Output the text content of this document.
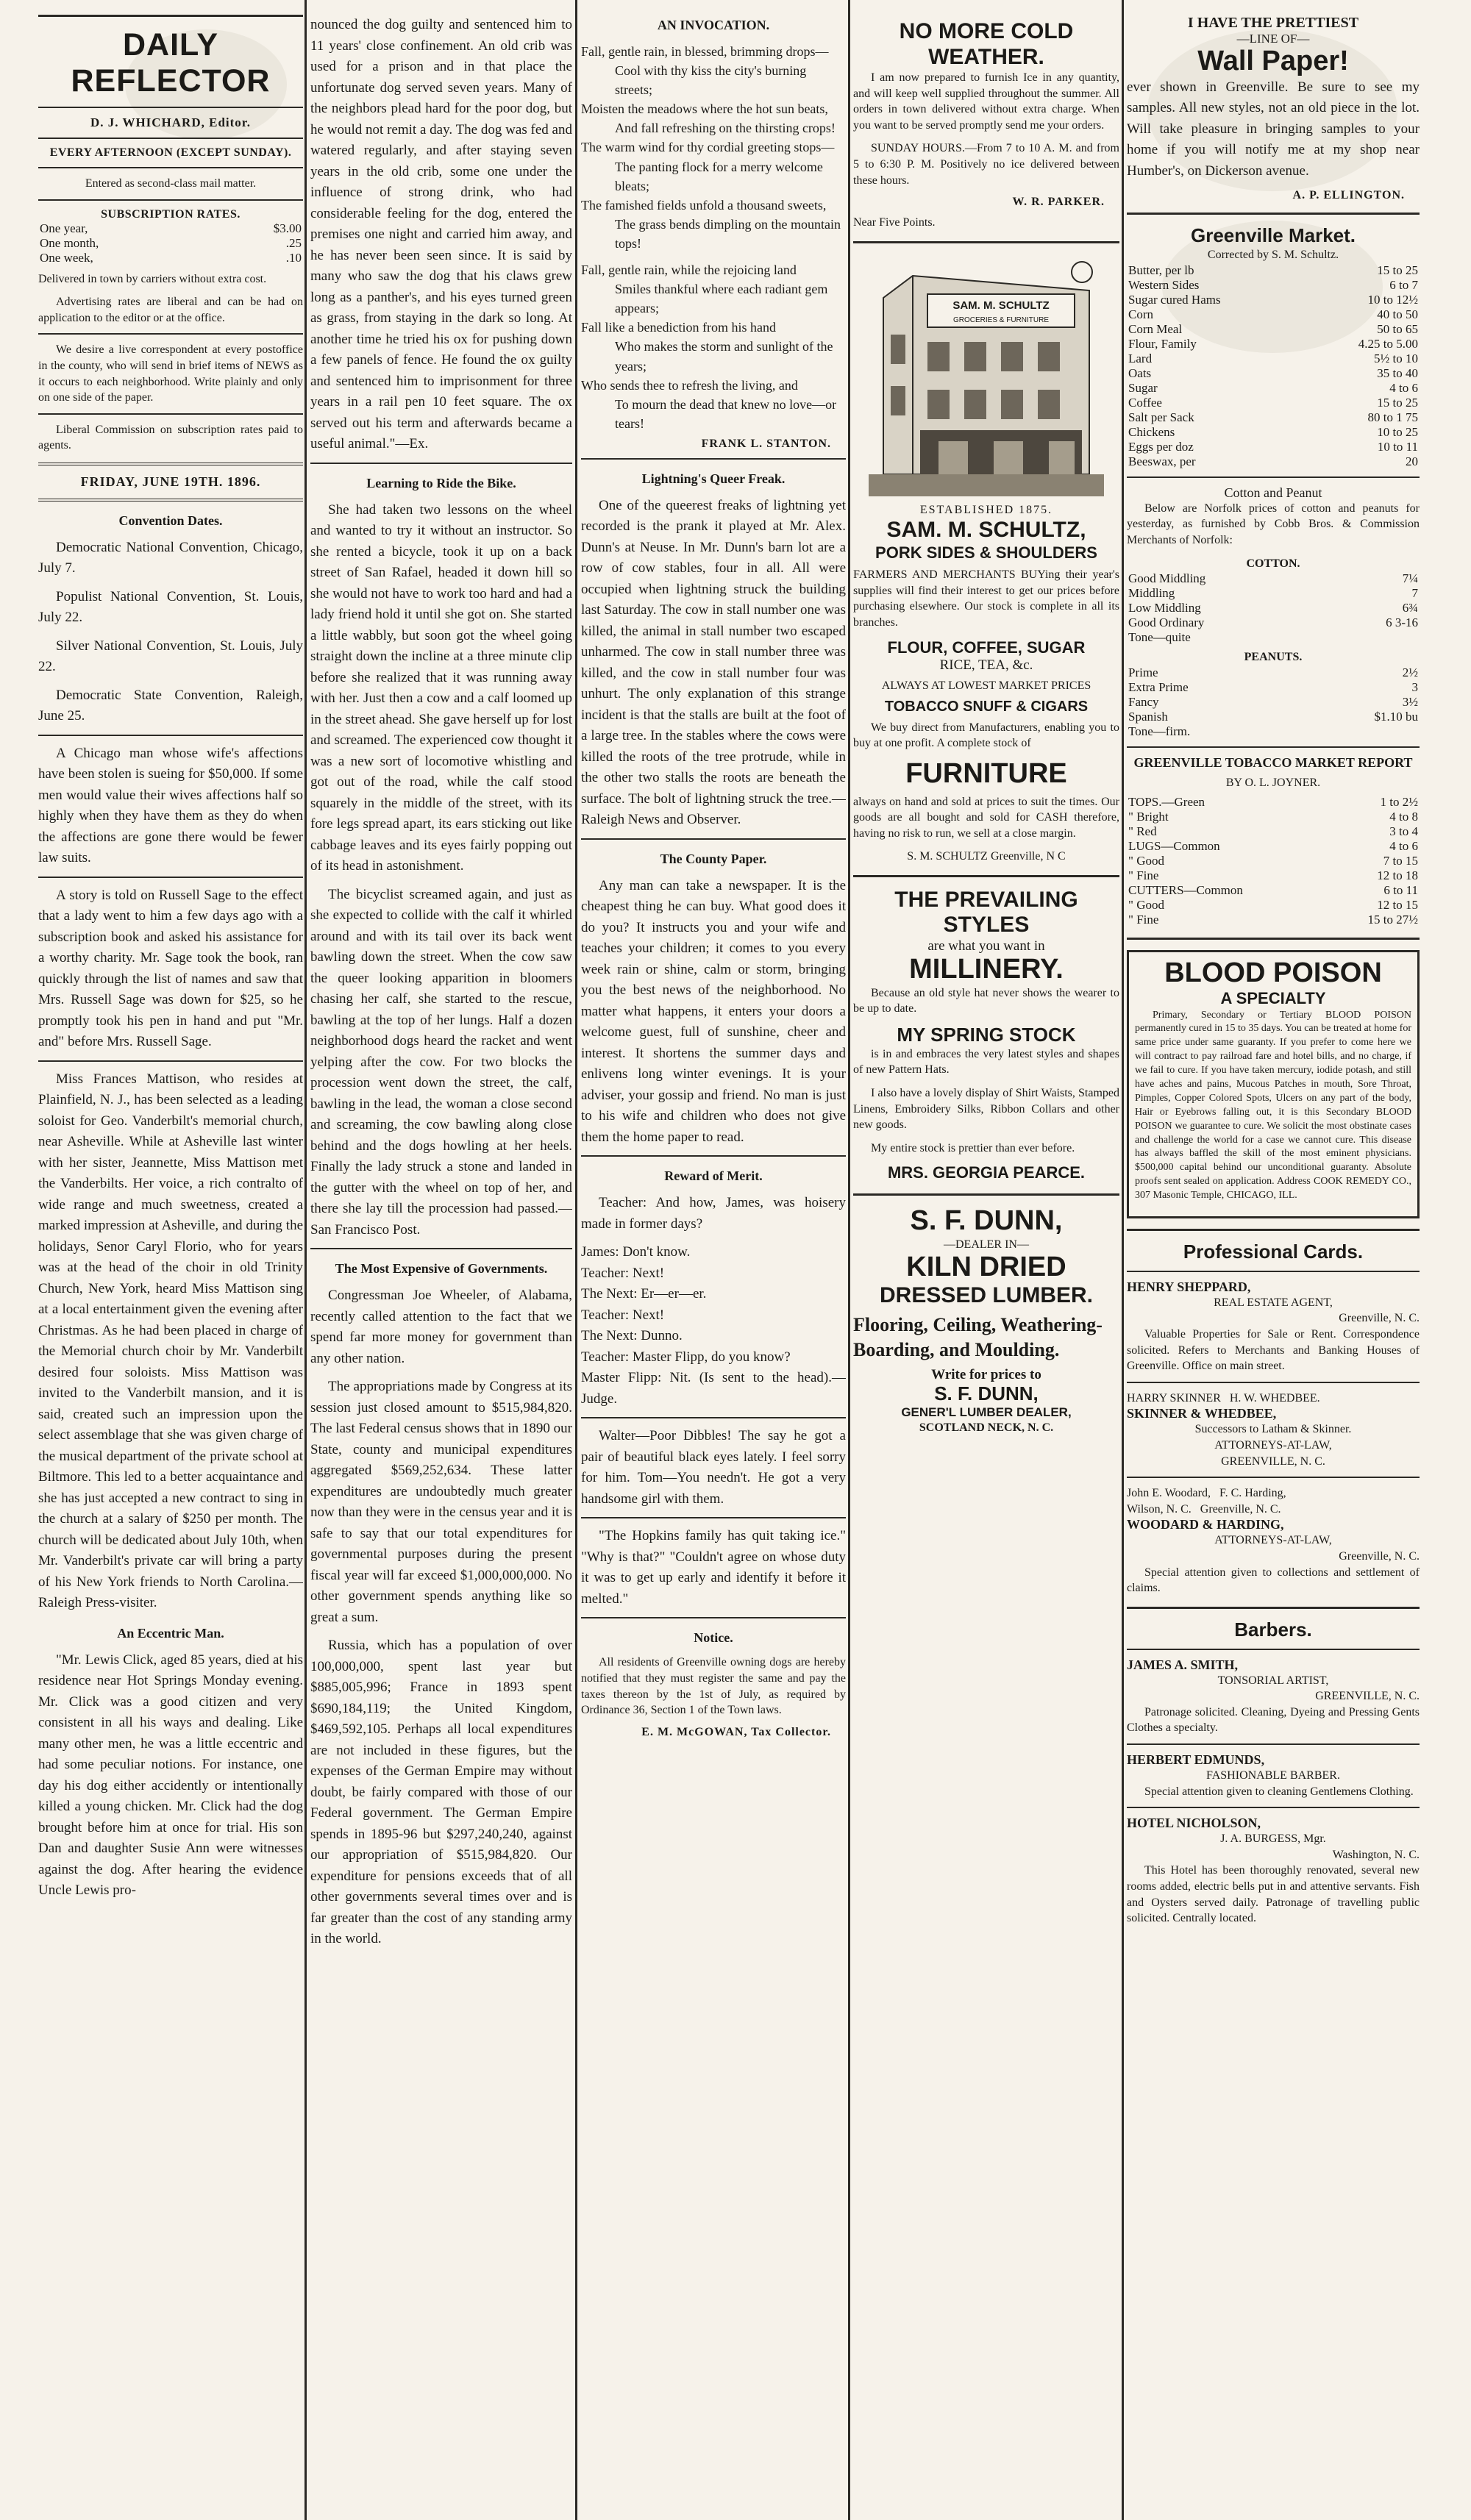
DAILY REFLECTOR
D. J. WHICHARD, Editor.
EVERY AFTERNOON (EXCEPT SUNDAY).

Entered as second-class mail matter.

SUBSCRIPTION RATES.
One year,	$3.00
One month,	.25
One week,	.10

Delivered in town by carriers without extra cost.

Advertising rates are liberal and can be had on application to the editor or at the office.

We desire a live correspondent at every postoffice in the county, who will send in brief items of NEWS as it occurs to each neighborhood. Write plainly and only on one side of the paper.

Liberal Commission on subscription rates paid to agents.

FRIDAY, JUNE 19TH. 1896.
Convention Dates.

Democratic National Convention, Chicago, July 7.

Populist National Convention, St. Louis, July 22.

Silver National Convention, St. Louis, July 22.

Democratic State Convention, Raleigh, June 25.

A Chicago man whose wife's affections have been stolen is sueing for $50,000. If some men would value their wives affections half so highly when they have them as they do when the affections are gone there would be fewer law suits.

A story is told on Russell Sage to the effect that a lady went to him a few days ago with a subscription book and asked his assistance for a worthy charity. Mr. Sage took the book, ran quickly through the list of names and saw that Mrs. Russell Sage was down for $25, so he promptly took his pen in hand and put "Mr. and" before Mrs. Russell Sage.

Miss Frances Mattison, who resides at Plainfield, N. J., has been selected as a leading soloist for Geo. Vanderbilt's memorial church, near Asheville. While at Asheville last winter with her sister, Jeannette, Miss Mattison met the Vanderbilts. Her voice, a rich contralto of wide range and much sweetness, created a marked impression at Asheville, and during the holidays, Senor Caryl Florio, who for years was at the head of the choir in old Trinity Church, New York, heard Miss Mattison sing at a local entertainment given the evening after Christmas. As he had been placed in charge of the Memorial church choir by Mr. Vanderbilt desired four soloists. Miss Mattison was invited to the Vanderbilt mansion, and it is said, created such an impression upon the select assemblage that she was given charge of the musical department of the private school at Biltmore. This led to a better acquaintance and she has just accepted a new contract to sing in the church at a salary of $250 per month. The church will be dedicated about July 10th, when Mr. Vanderbilt's private car will bring a party of his New York friends to North Carolina.—Raleigh Press-visiter.

An Eccentric Man.

"Mr. Lewis Click, aged 85 years, died at his residence near Hot Springs Monday evening. Mr. Click was a good citizen and very consistent in all his ways and dealing. Like many other men, he was a little eccentric and had some peculiar notions. For instance, one day his dog either accidently or intentionally killed a young chicken. Mr. Click had the dog brought before him at once for trial. His son Dan and daughter Susie Ann were witnesses against the dog. After hearing the evidence Uncle Lewis pro-

nounced the dog guilty and sentenced him to 11 years' close confinement. An old crib was used for a prison and in that place the unfortunate dog served seven years. Many of the neighbors plead hard for the poor dog, but he would not remit a day. The dog was fed and watered regularly, and after staying seven years in the old crib, some one under the influence of strong drink, who had considerable feeling for the dog, entered the premises one night and carried him away, and he has never been seen since. It is said by many who saw the dog that his claws grew long as a panther's, and his eyes turned green as grass, from staying in the dark so long. At another time he tried his ox for pushing down a few panels of fence. He found the ox guilty and sentenced him to imprisonment for three years in a rail pen 10 feet square. The ox served out his term and afterwards became a useful animal."—Ex.

Learning to Ride the Bike.

She had taken two lessons on the wheel and wanted to try it without an instructor. So she rented a bicycle, took it up on a back street of San Rafael, headed it down hill so she would not have to work too hard and had a lady friend hold it until she got on. She started a little wabbly, but soon got the wheel going straight down the incline at a three minute clip before she realized that it was running away with her. Just then a cow and a calf loomed up in the street ahead. She gave herself up for lost and screamed. The experienced cow thought it was a new sort of locomotive whistling and got out of the road, while the calf stood squarely in the middle of the street, with its fore legs spread apart, its ears sticking out like cabbage leaves and its eyes fairly popping out of its head in astonishment.

The bicyclist screamed again, and just as she expected to collide with the calf it whirled around and with its tail over its back went bawling down the street. When the cow saw the queer looking apparition in bloomers chasing her calf, she started to the rescue, bawling at the top of her lungs. Half a dozen neighborhood dogs heard the racket and went yelping after the cow. For two blocks the procession went down the street, the calf, bawling in the lead, the woman a close second and screaming, the cow bawling along close behind and the dogs howling at her heels. Finally the lady struck a stone and landed in the gutter with the wheel on top of her, and there she lay till the procession had passed.—San Francisco Post.

The Most Expensive of Governments.

Congressman Joe Wheeler, of Alabama, recently called attention to the fact that we spend far more money for government than any other nation.

The appropriations made by Congress at its session just closed amount to $515,984,820. The last Federal census shows that in 1890 our State, county and municipal expenditures aggregated $569,252,634. These latter expenditures are undoubtedly much greater now than they were in the census year and it is safe to say that our total expenditures for governmental purposes during the present fiscal year will far exceed $1,000,000,000. No other government spends anything like so great a sum.

Russia, which has a population of over 100,000,000, spent last year but $885,005,996; France in 1893 spent $690,184,119; the United Kingdom, $469,592,105. Perhaps all local expenditures are not included in these figures, but the expenses of the German Empire may without doubt, be fairly compared with those of our Federal government. The German Empire spends in 1895-96 but $297,240,240, against our appropriation of $515,984,820. Our expenditure for pensions exceeds that of all other governments several times over and is far greater than the cost of any standing army in the world.

AN INVOCATION.
Fall, gentle rain, in blessed, brimming drops—
Cool with thy kiss the city's burning streets;
Moisten the meadows where the hot sun beats,
And fall refreshing on the thirsting crops!
The warm wind for thy cordial greeting stops—
The panting flock for a merry welcome bleats;
The famished fields unfold a thousand sweets,
The grass bends dimpling on the mountain tops!
Fall, gentle rain, while the rejoicing land
Smiles thankful where each radiant gem appears;
Fall like a benediction from his hand
Who makes the storm and sunlight of the years;
Who sends thee to refresh the living, and
To mourn the dead that knew no love—or tears!
FRANK L. STANTON.
Lightning's Queer Freak.

One of the queerest freaks of lightning yet recorded is the prank it played at Mr. Alex. Dunn's at Neuse. In Mr. Dunn's barn lot are a row of cow stables, four in all. All were occupied when lightning struck the building last Saturday. The cow in stall number one was killed, the animal in stall number two escaped unharmed. The cow in stall number three was killed, and the cow in stall number four was unhurt. The only explanation of this strange incident is that the stalls are built at the foot of a large tree. In the stables where the cows were killed the roots of the tree protrude, while in the other two stalls the roots are beneath the surface. The bolt of lightning struck the tree.—Raleigh News and Observer.

The County Paper.

Any man can take a newspaper. It is the cheapest thing he can buy. What good does it do you? It instructs you and your wife and teaches your children; it comes to you every week rain or shine, calm or storm, bringing you the best news of the neighborhood. No matter what happens, it enters your doors a welcome guest, full of sunshine, cheer and interest. It shortens the summer days and enlivens long winter evenings. It is your adviser, your gossip and friend. No man is just to his wife and children who does not give them the home paper to read.

Reward of Merit.

Teacher: And how, James, was hoisery made in former days?

James: Don't know.

Teacher: Next!

The Next: Er—er—er.

Teacher: Next!

The Next: Dunno.

Teacher: Master Flipp, do you know?

Master Flipp: Nit. (Is sent to the head).—Judge.

Walter—Poor Dibbles! The say he got a pair of beautiful black eyes lately. I feel sorry for him. Tom—You needn't. He got a very handsome girl with them.

"The Hopkins family has quit taking ice." "Why is that?" "Couldn't agree on whose duty it was to get up early and identify it before it melted."

Notice.

All residents of Greenville owning dogs are hereby notified that they must register the same and pay the taxes thereon by the 1st of July, as required by Ordinance 36, Section 1 of the Town laws.

E. M. McGOWAN, Tax Collector.
NO MORE COLD WEATHER.

I am now prepared to furnish Ice in any quantity, and will keep well supplied throughout the summer. All orders in town delivered without extra charge. When you want to be served promptly send me your orders.

SUNDAY HOURS.—From 7 to 10 A. M. and from 5 to 6:30 P. M. Positively no ice delivered between these hours.

W. R. PARKER.

Near Five Points.

SAM. M. SCHULTZ
GROCERIES & FURNITURE
ESTABLISHED 1875.
SAM. M. SCHULTZ,
PORK SIDES & SHOULDERS

FARMERS AND MERCHANTS BUYing their year's supplies will find their interest to get our prices before purchasing elsewhere. Our stock is complete in all its branches.

FLOUR, COFFEE, SUGAR
RICE, TEA, &c.
ALWAYS AT LOWEST MARKET PRICES
TOBACCO SNUFF & CIGARS

We buy direct from Manufacturers, enabling you to buy at one profit. A complete stock of

FURNITURE

always on hand and sold at prices to suit the times. Our goods are all bought and sold for CASH therefore, having no risk to run, we sell at a close margin.

S. M. SCHULTZ Greenville, N C
THE PREVAILING STYLES
are what you want in
MILLINERY.

Because an old style hat never shows the wearer to be up to date.

MY SPRING STOCK

is in and embraces the very latest styles and shapes of new Pattern Hats.

I also have a lovely display of Shirt Waists, Stamped Linens, Embroidery Silks, Ribbon Collars and other new goods.

My entire stock is prettier than ever before.

MRS. GEORGIA PEARCE.
S. F. DUNN,
—DEALER IN—
KILN DRIED
DRESSED LUMBER.
Flooring, Ceiling, Weathering-Boarding, and Moulding.
Write for prices to
S. F. DUNN,
GENER'L LUMBER DEALER,
SCOTLAND NECK, N. C.
I HAVE THE PRETTIEST
—LINE OF—
Wall Paper!

ever shown in Greenville. Be sure to see my samples. All new styles, not an old piece in the lot. Will take pleasure in bringing samples to your home if you will notify me at my shop near Humber's, on Dickerson avenue.

A. P. ELLINGTON.
Greenville Market.
Corrected by S. M. Schultz.
Butter, per lb	15 to 25
Western Sides	6 to 7
Sugar cured Hams	10 to 12½
Corn	40 to 50
Corn Meal	50 to 65
Flour, Family	4.25 to 5.00
Lard	5½ to 10
Oats	35 to 40
Sugar	4 to 6
Coffee	15 to 25
Salt per Sack	80 to 1 75
Chickens	10 to 25
Eggs per doz	10 to 11
Beeswax, per	20
Cotton and Peanut

Below are Norfolk prices of cotton and peanuts for yesterday, as furnished by Cobb Bros. & Commission Merchants of Norfolk:

COTTON.
Good Middling	7¼
Middling	7
Low Middling	6¾
Good Ordinary	6 3-16
Tone—quite	
PEANUTS.
Prime	2½
Extra Prime	3
Fancy	3½
Spanish	$1.10 bu
Tone—firm.	
GREENVILLE TOBACCO MARKET REPORT
BY O. L. JOYNER.
TOPS.—Green	1 to 2½
" Bright	4 to 8
" Red	3 to 4
LUGS—Common	4 to 6
" Good	7 to 15
" Fine	12 to 18
CUTTERS—Common	6 to 11
" Good	12 to 15
" Fine	15 to 27½
BLOOD POISON
A SPECIALTY

Primary, Secondary or Tertiary BLOOD POISON permanently cured in 15 to 35 days. You can be treated at home for same price under same guaranty. If you prefer to come here we will contract to pay railroad fare and hotel bills, and no charge, if we fail to cure. If you have taken mercury, iodide potash, and still have aches and pains, Mucous Patches in mouth, Sore Throat, Pimples, Copper Colored Spots, Ulcers on any part of the body, Hair or Eyebrows falling out, it is this Secondary BLOOD POISON we guarantee to cure. We solicit the most obstinate cases and challenge the world for a case we cannot cure. This disease has always baffled the skill of the most eminent physicians. $500,000 capital behind our unconditional guaranty. Absolute proofs sent sealed on application. Address COOK REMEDY CO., 307 Masonic Temple, CHICAGO, ILL.

Professional Cards.
HENRY SHEPPARD,
REAL ESTATE AGENT,
Greenville, N. C.

Valuable Properties for Sale or Rent. Correspondence solicited. Refers to Merchants and Banking Houses of Greenville. Office on main street.

HARRY SKINNER   H. W. WHEDBEE.
SKINNER & WHEDBEE,
Successors to Latham & Skinner.
ATTORNEYS-AT-LAW,
GREENVILLE, N. C.
John E. Woodard,   F. C. Harding,
Wilson, N. C.   Greenville, N. C.
WOODARD & HARDING,
ATTORNEYS-AT-LAW,
Greenville, N. C.

Special attention given to collections and settlement of claims.

Barbers.
JAMES A. SMITH,
TONSORIAL ARTIST,
GREENVILLE, N. C.

Patronage solicited. Cleaning, Dyeing and Pressing Gents Clothes a specialty.

HERBERT EDMUNDS,
FASHIONABLE BARBER.

Special attention given to cleaning Gentlemens Clothing.

HOTEL NICHOLSON,
J. A. BURGESS, Mgr.
Washington, N. C.

This Hotel has been thoroughly renovated, several new rooms added, electric bells put in and attentive servants. Fish and Oysters served daily. Patronage of travelling public solicited. Centrally located.
